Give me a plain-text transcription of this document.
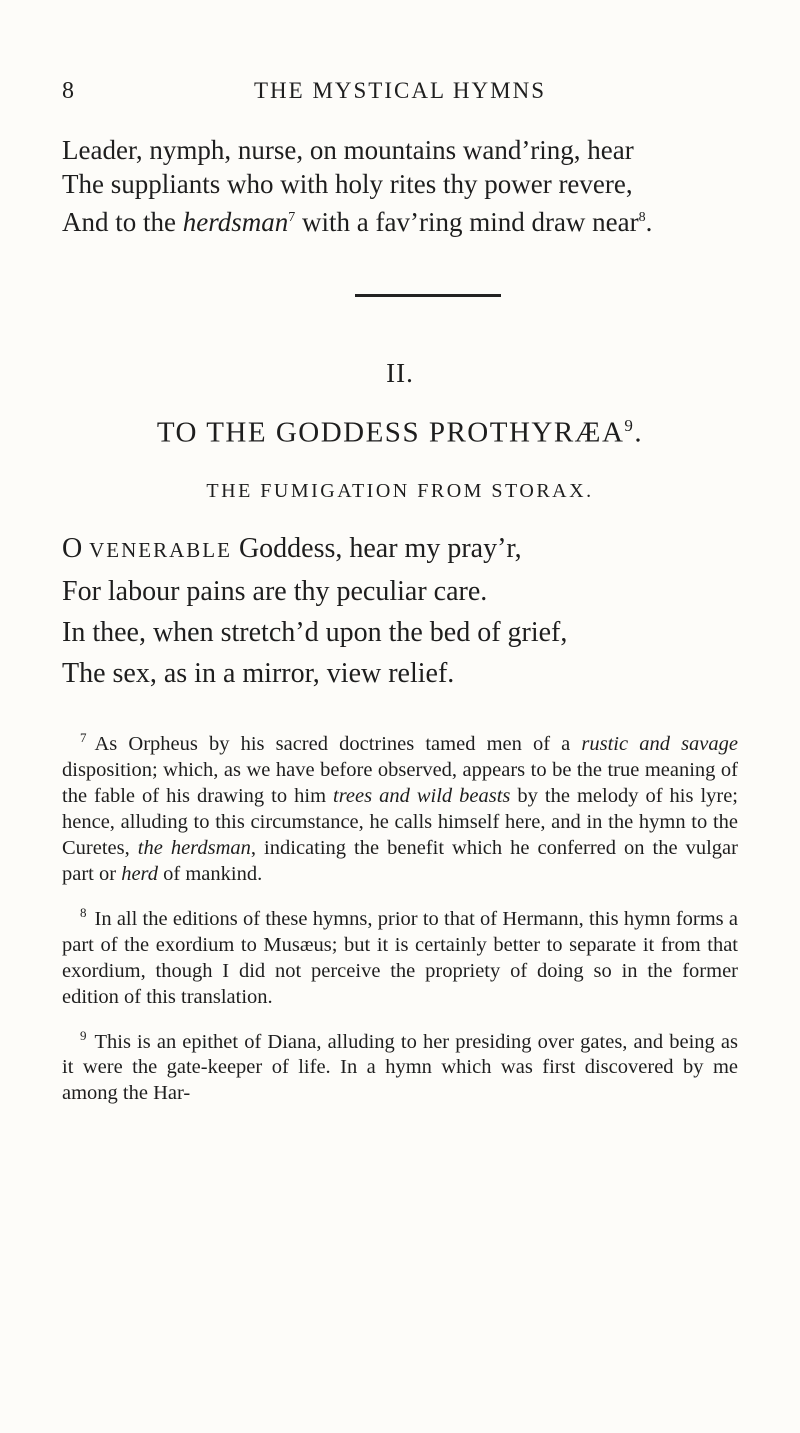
8	THE MYSTICAL HYMNS
Leader, nymph, nurse, on mountains wand’ring, hear
The suppliants who with holy rites thy power revere,
And to the herdsman$^7$ with a fav’ring mind draw near$^8$.
II.
TO THE GODDESS PROTHYRÆA$^9$.
THE FUMIGATION FROM STORAX.
O VENERABLE Goddess, hear my pray’r,
For labour pains are thy peculiar care.
In thee, when stretch’d upon the bed of grief,
The sex, as in a mirror, view relief.

$^7$ As Orpheus by his sacred doctrines tamed men of a rustic and savage disposition; which, as we have before observed, appears to be the true meaning of the fable of his drawing to him trees and wild beasts by the melody of his lyre; hence, alluding to this circumstance, he calls himself here, and in the hymn to the Curetes, the herdsman, indicating the benefit which he conferred on the vulgar part or herd of mankind.

$^8$ In all the editions of these hymns, prior to that of Hermann, this hymn forms a part of the exordium to Musæus; but it is certainly better to separate it from that exordium, though I did not perceive the propriety of doing so in the former edition of this translation.

$^9$ This is an epithet of Diana, alluding to her presiding over gates, and being as it were the gate-keeper of life. In a hymn which was first discovered by me among the Har-
